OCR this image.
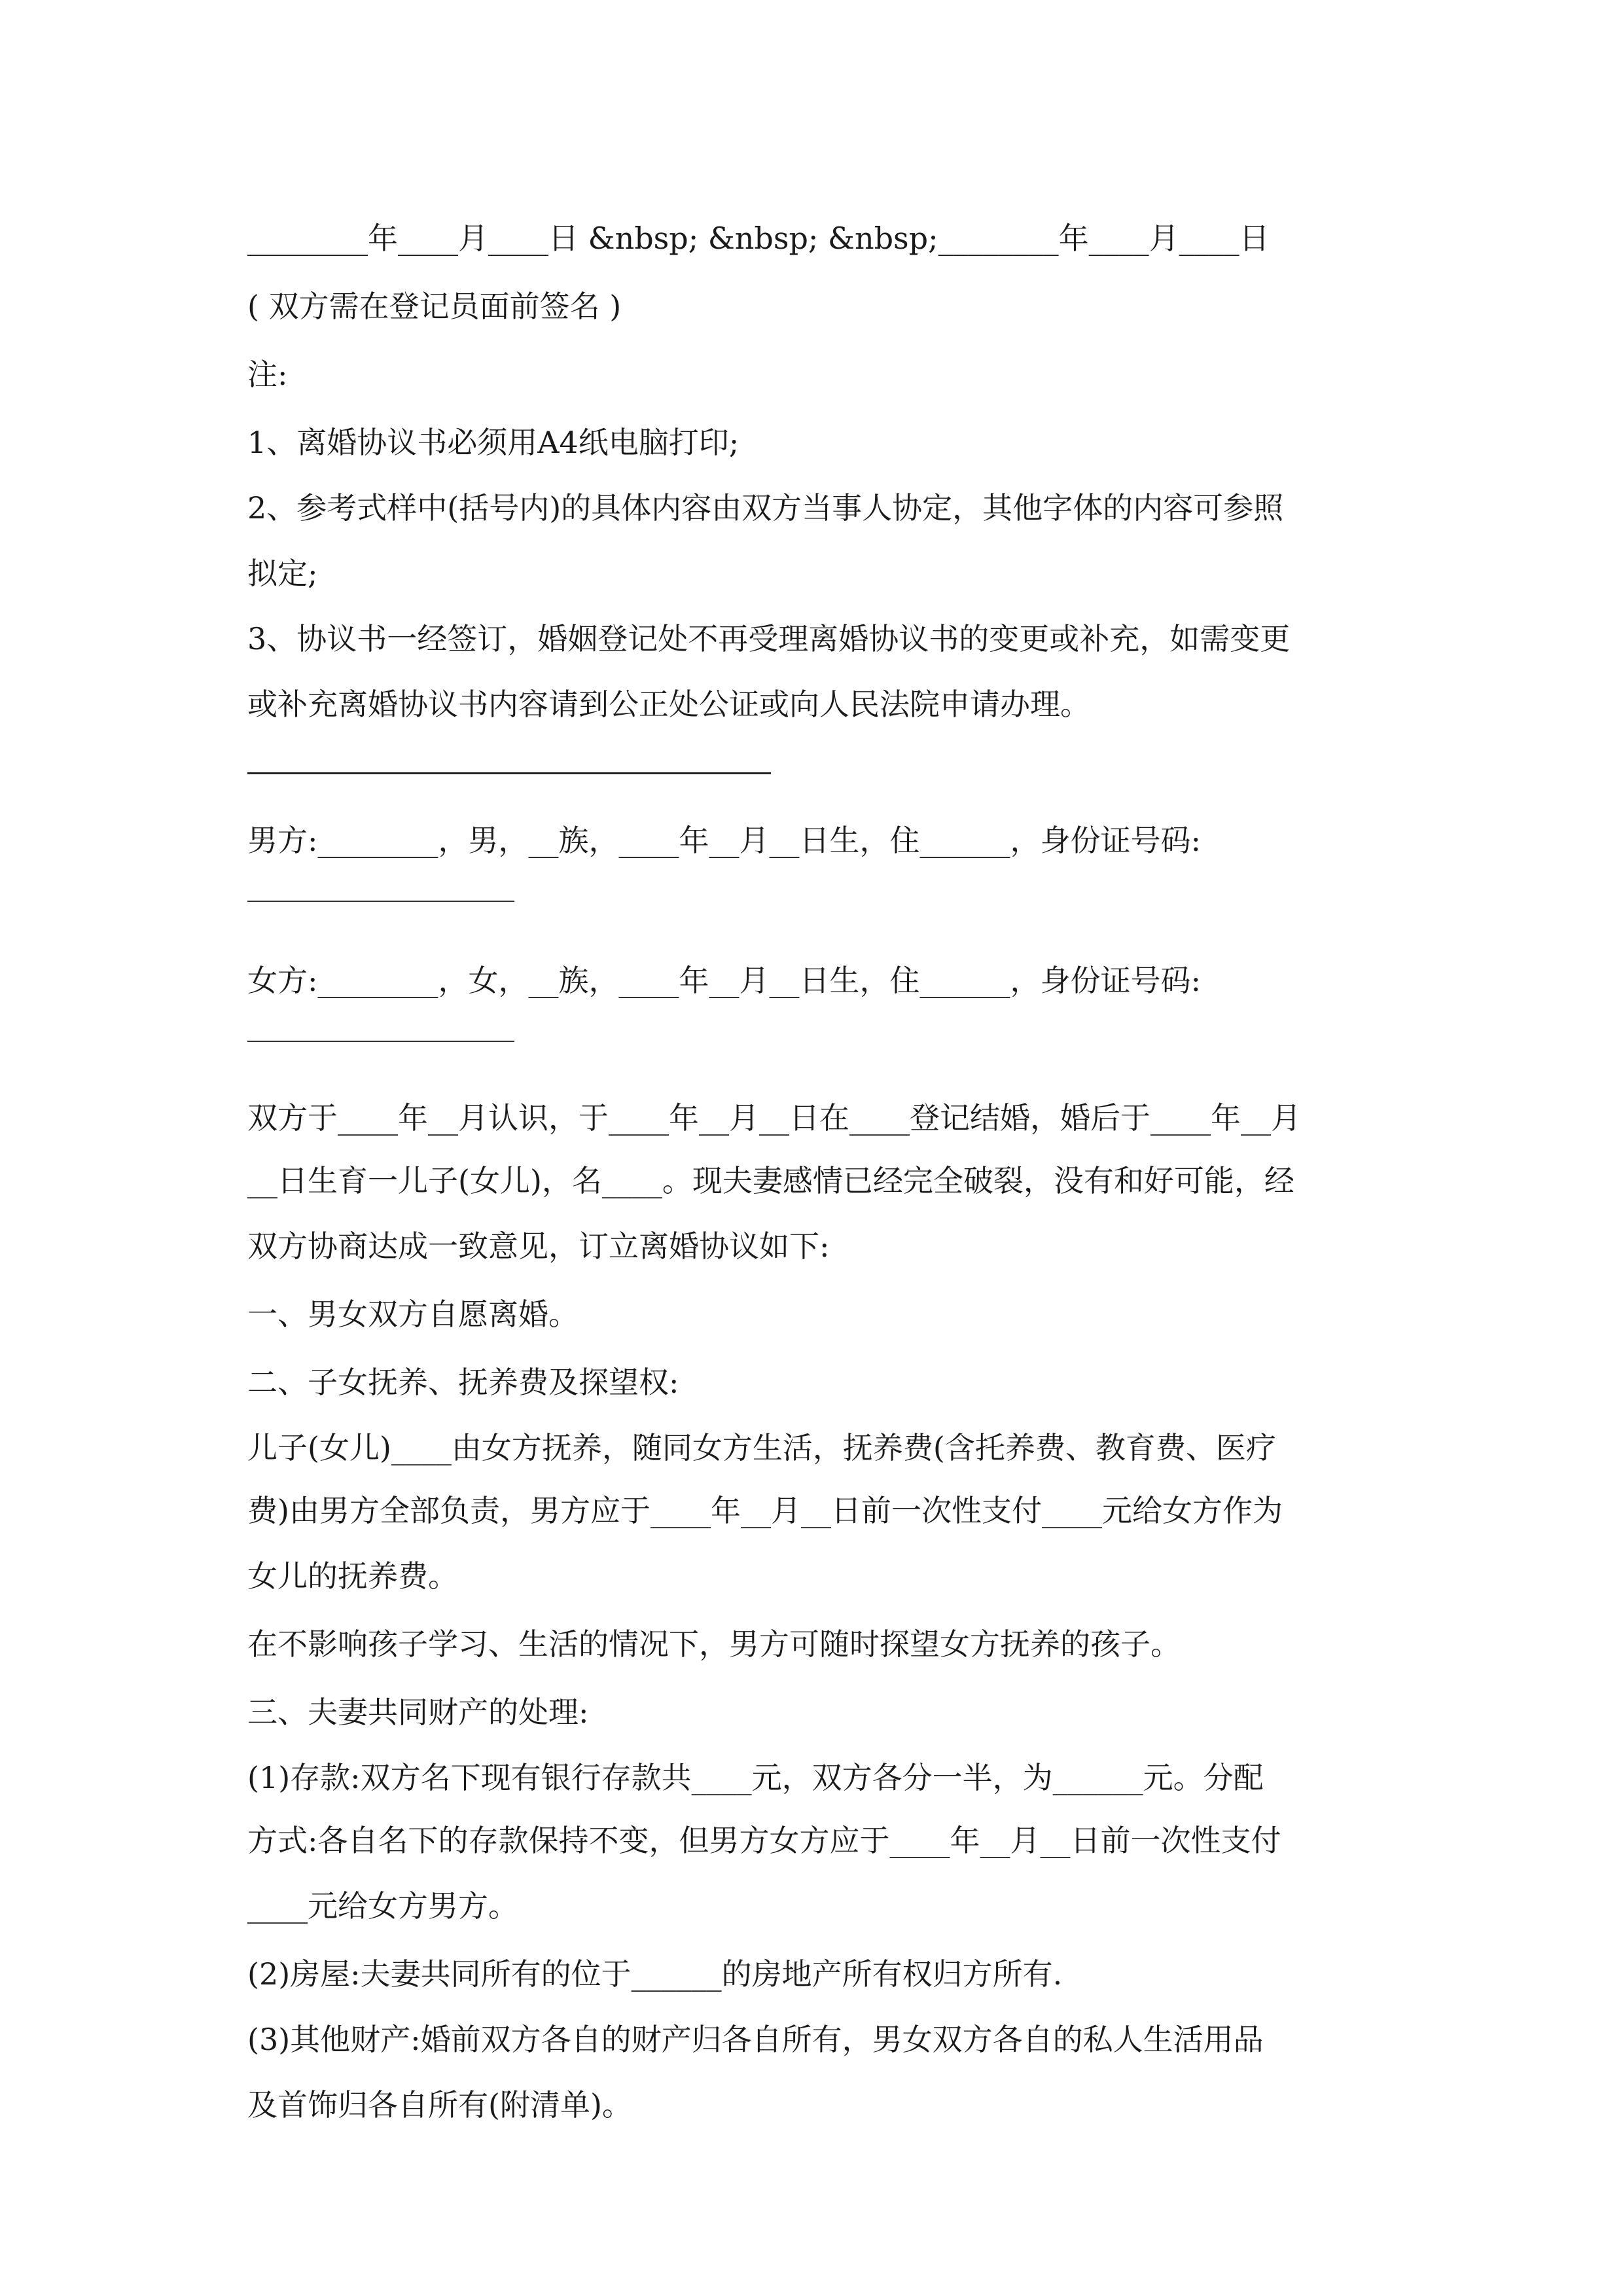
________年____月____日 &nbsp; &nbsp; &nbsp;________年____月____日
( 双方需在登记员面前签名 )
注:
1、离婚协议书必须用A4纸电脑打印;
2、参考式样中(括号内)的具体内容由双方当事人协定，其他字体的内容可参照
拟定;
3、协议书一经签订，婚姻登记处不再受理离婚协议书的变更或补充，如需变更
或补充离婚协议书内容请到公正处公证或向人民法院申请办理。
男方:________，男，__族，____年__月__日生，住______，身份证号码:
女方:________，女，__族，____年__月__日生，住______，身份证号码:
双方于____年__月认识，于____年__月__日在____登记结婚，婚后于____年__月
__日生育一儿子(女儿)，名____。现夫妻感情已经完全破裂，没有和好可能，经
双方协商达成一致意见，订立离婚协议如下:
一、男女双方自愿离婚。
二、子女抚养、抚养费及探望权:
儿子(女儿)____由女方抚养，随同女方生活，抚养费(含托养费、教育费、医疗
费)由男方全部负责，男方应于____年__月__日前一次性支付____元给女方作为
女儿的抚养费。
在不影响孩子学习、生活的情况下，男方可随时探望女方抚养的孩子。
三、夫妻共同财产的处理:
(1)存款:双方名下现有银行存款共____元，双方各分一半，为______元。分配
方式:各自名下的存款保持不变，但男方女方应于____年__月__日前一次性支付
____元给女方男方。
(2)房屋:夫妻共同所有的位于______的房地产所有权归方所有.
(3)其他财产:婚前双方各自的财产归各自所有，男女双方各自的私人生活用品
及首饰归各自所有(附清单)。
